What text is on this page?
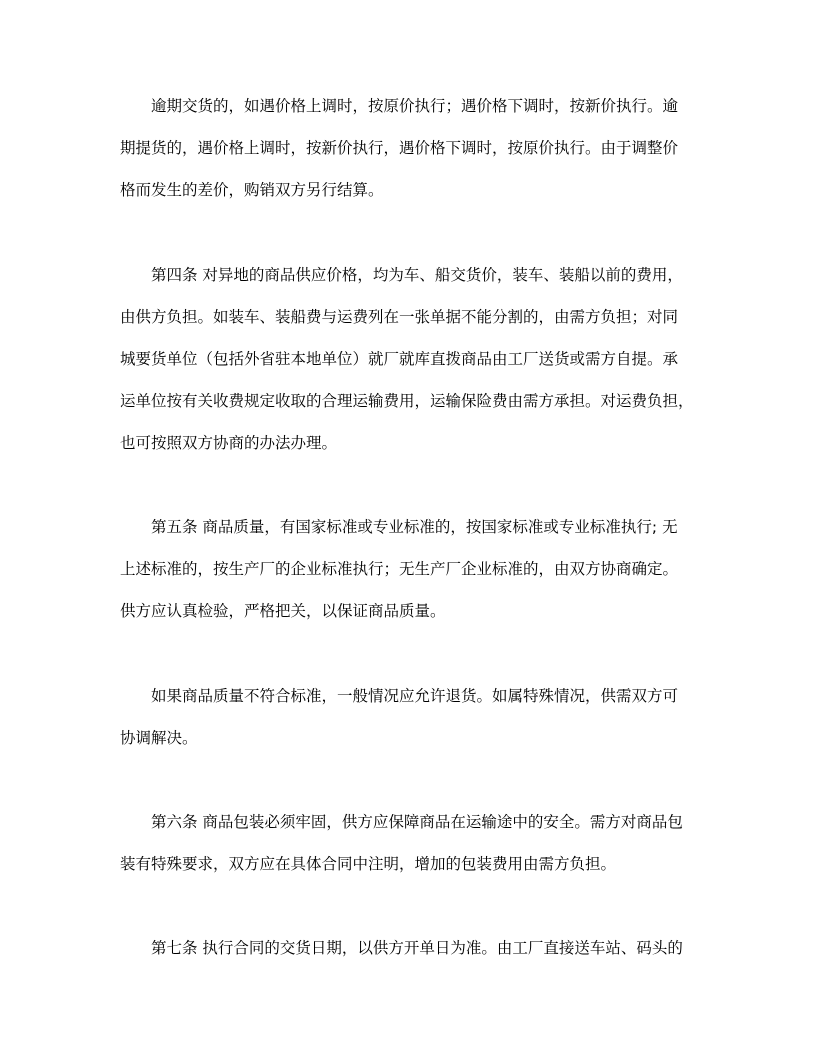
逾期交货的，如遇价格上调时，按原价执行；遇价格下调时，按新价执行。逾
期提货的，遇价格上调时，按新价执行，遇价格下调时，按原价执行。由于调整价
格而发生的差价，购销双方另行结算。
第四条 对异地的商品供应价格，均为车、船交货价，装车、装船以前的费用，
由供方负担。如装车、装船费与运费列在一张单据不能分割的，由需方负担；对同
城要货单位（包括外省驻本地单位）就厂就库直拨商品由工厂送货或需方自提。承
运单位按有关收费规定收取的合理运输费用，运输保险费由需方承担。对运费负担，
也可按照双方协商的办法办理。
第五条 商品质量，有国家标准或专业标准的，按国家标准或专业标准执行; 无
上述标准的，按生产厂的企业标准执行；无生产厂企业标准的，由双方协商确定。
供方应认真检验，严格把关，以保证商品质量。
如果商品质量不符合标准，一般情况应允许退货。如属特殊情况，供需双方可
协调解决。
第六条 商品包装必须牢固，供方应保障商品在运输途中的安全。需方对商品包
装有特殊要求，双方应在具体合同中注明，增加的包装费用由需方负担。
第七条 执行合同的交货日期，以供方开单日为准。由工厂直接送车站、码头的
